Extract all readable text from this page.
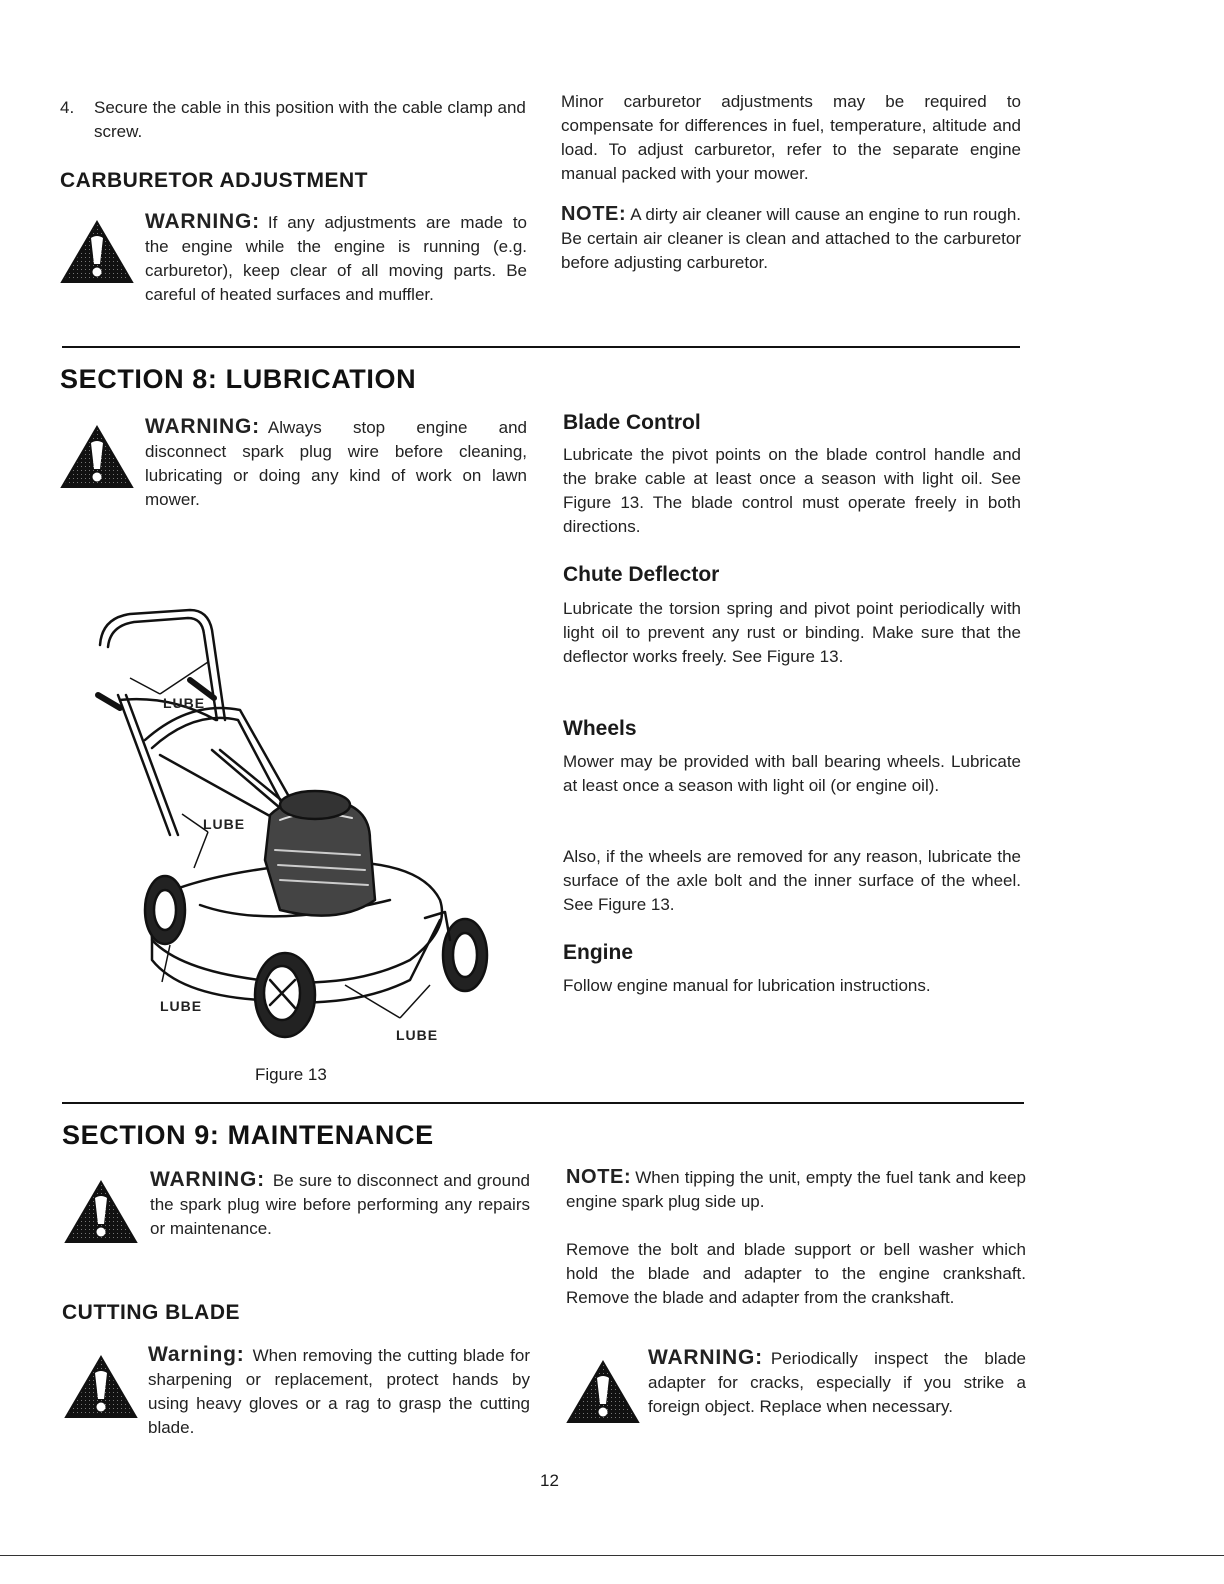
4. Secure the cable in this position with the cable clamp and screw.
CARBURETOR ADJUSTMENT
WARNING: If any adjustments are made to the engine while the engine is running (e.g. carburetor), keep clear of all moving parts. Be careful of heated surfaces and muffler.
Minor carburetor adjustments may be required to compensate for differences in fuel, temperature, altitude and load. To adjust carburetor, refer to the separate engine manual packed with your mower.
NOTE: A dirty air cleaner will cause an engine to run rough. Be certain air cleaner is clean and attached to the carburetor before adjusting carburetor.
SECTION 8: LUBRICATION
WARNING: Always stop engine and disconnect spark plug wire before cleaning, lubricating or doing any kind of work on lawn mower.
LUBE
LUBE
LUBE
LUBE
Figure 13
Blade Control
Lubricate the pivot points on the blade control handle and the brake cable at least once a season with light oil. See Figure 13. The blade control must operate freely in both directions.
Chute Deflector
Lubricate the torsion spring and pivot point periodically with light oil to prevent any rust or binding. Make sure that the deflector works freely. See Figure 13.
Wheels
Mower may be provided with ball bearing wheels. Lubricate at least once a season with light oil (or engine oil).
Also, if the wheels are removed for any reason, lubricate the surface of the axle bolt and the inner surface of the wheel. See Figure 13.
Engine
Follow engine manual for lubrication instructions.
SECTION 9: MAINTENANCE
WARNING: Be sure to disconnect and ground the spark plug wire before performing any repairs or maintenance.
CUTTING BLADE
Warning: When removing the cutting blade for sharpening or replacement, protect hands by using heavy gloves or a rag to grasp the cutting blade.
NOTE: When tipping the unit, empty the fuel tank and keep engine spark plug side up.
Remove the bolt and blade support or bell washer which hold the blade and adapter to the engine crankshaft. Remove the blade and adapter from the crankshaft.
WARNING: Periodically inspect the blade adapter for cracks, especially if you strike a foreign object. Replace when necessary.
12
